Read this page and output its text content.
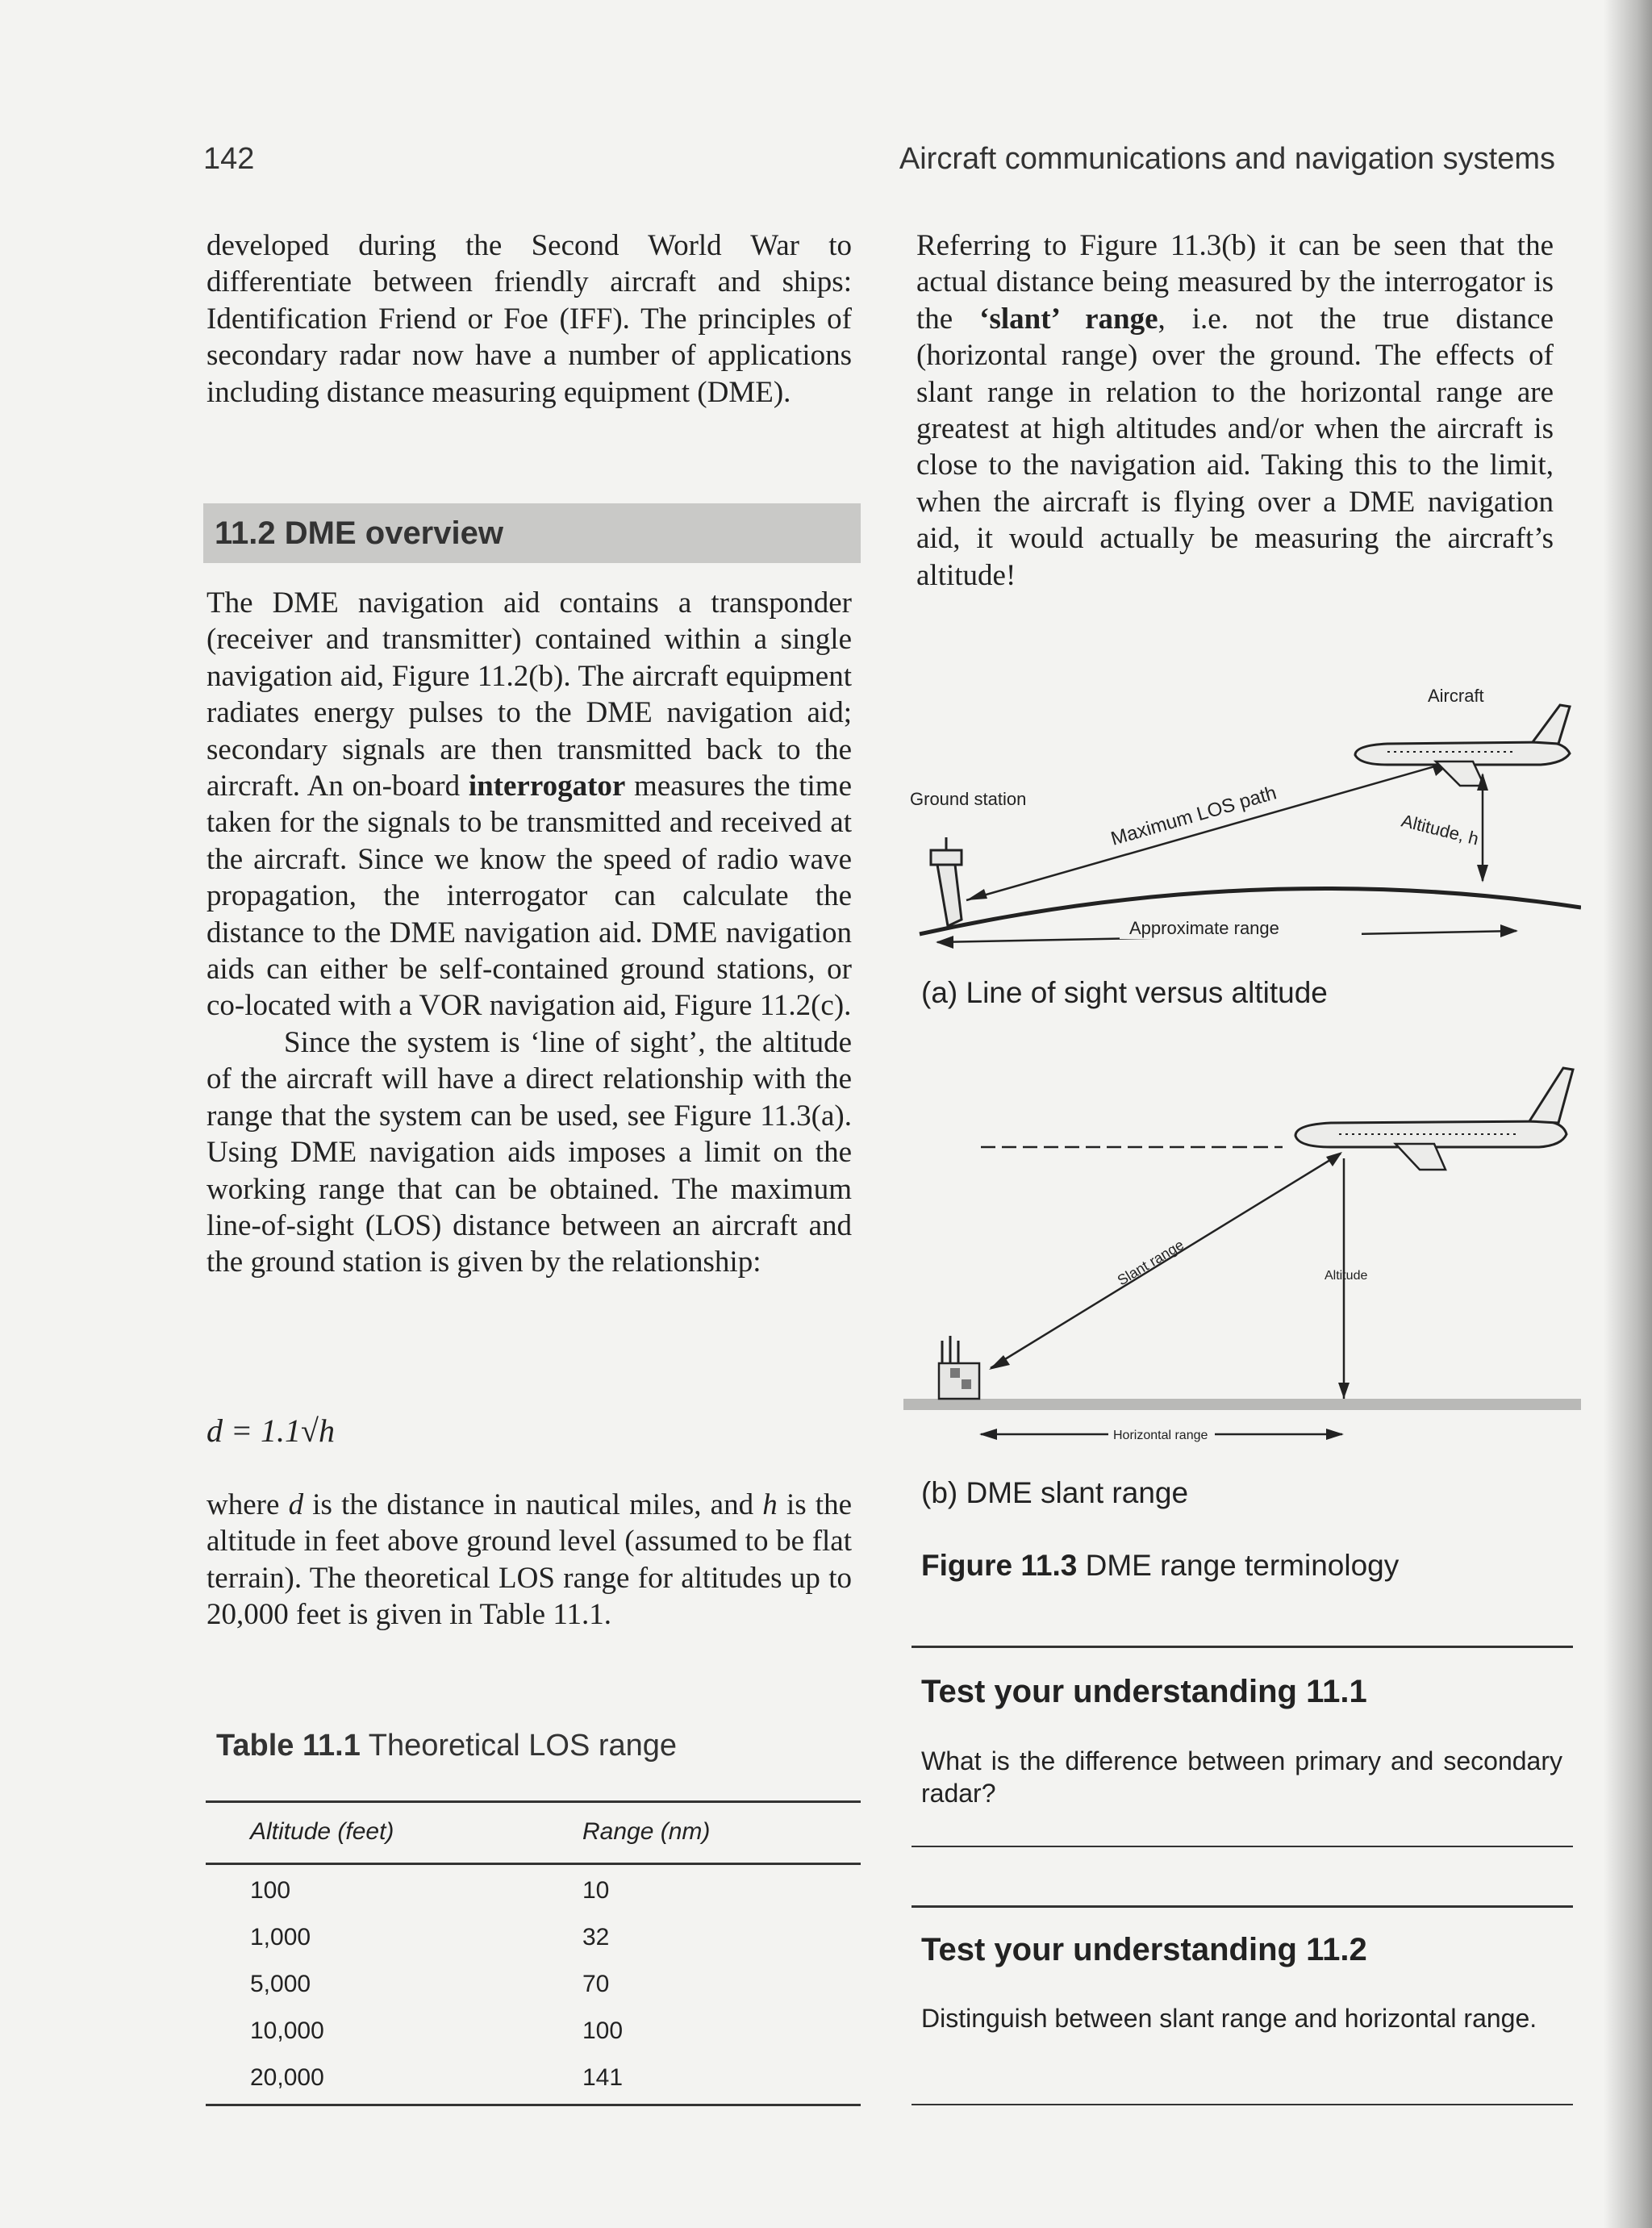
142	Aircraft communications and navigation systems

developed during the Second World War to differentiate between friendly aircraft and ships: Identification Friend or Foe (IFF). The principles of secondary radar now have a number of applications including distance measuring equipment (DME).

11.2 DME overview

The DME navigation aid contains a transponder (receiver and transmitter) contained within a single navigation aid, Figure 11.2(b). The aircraft equipment radiates energy pulses to the DME navigation aid; secondary signals are then transmitted back to the aircraft. An on-board interrogator measures the time taken for the signals to be transmitted and received at the aircraft. Since we know the speed of radio wave propagation, the interrogator can calculate the distance to the DME navigation aid. DME navigation aids can either be self-contained ground stations, or co-located with a VOR navigation aid, Figure 11.2(c).

Since the system is ‘line of sight’, the altitude of the aircraft will have a direct relationship with the range that the system can be used, see Figure 11.3(a). Using DME navigation aids imposes a limit on the working range that can be obtained. The maximum line-of-sight (LOS) distance between an aircraft and the ground station is given by the relationship:

d = 1.1√h

where d is the distance in nautical miles, and h is the altitude in feet above ground level (assumed to be flat terrain). The theoretical LOS range for altitudes up to 20,000 feet is given in Table 11.1.

Table 11.1 Theoretical LOS range
Altitude (feet)	Range (nm)
100	10
1,000	32
5,000	70
10,000	100
20,000	141

Referring to Figure 11.3(b) it can be seen that the actual distance being measured by the interrogator is the ‘slant’ range, i.e. not the true distance (horizontal range) over the ground. The effects of slant range in relation to the horizontal range are greatest at high altitudes and/or when the aircraft is close to the navigation aid. Taking this to the limit, when the aircraft is flying over a DME navigation aid, it would actually be measuring the aircraft’s altitude!

Ground station	Maximum LOS path
Aircraft
Altitude, h
Approximate range
(a) Line of sight versus altitude
Slant range	Altitude
Horizontal range
(b) DME slant range
Figure 11.3 DME range terminology
Test your understanding 11.1
What is the difference between primary and secondary radar?
Test your understanding 11.2
Distinguish between slant range and horizontal range.
